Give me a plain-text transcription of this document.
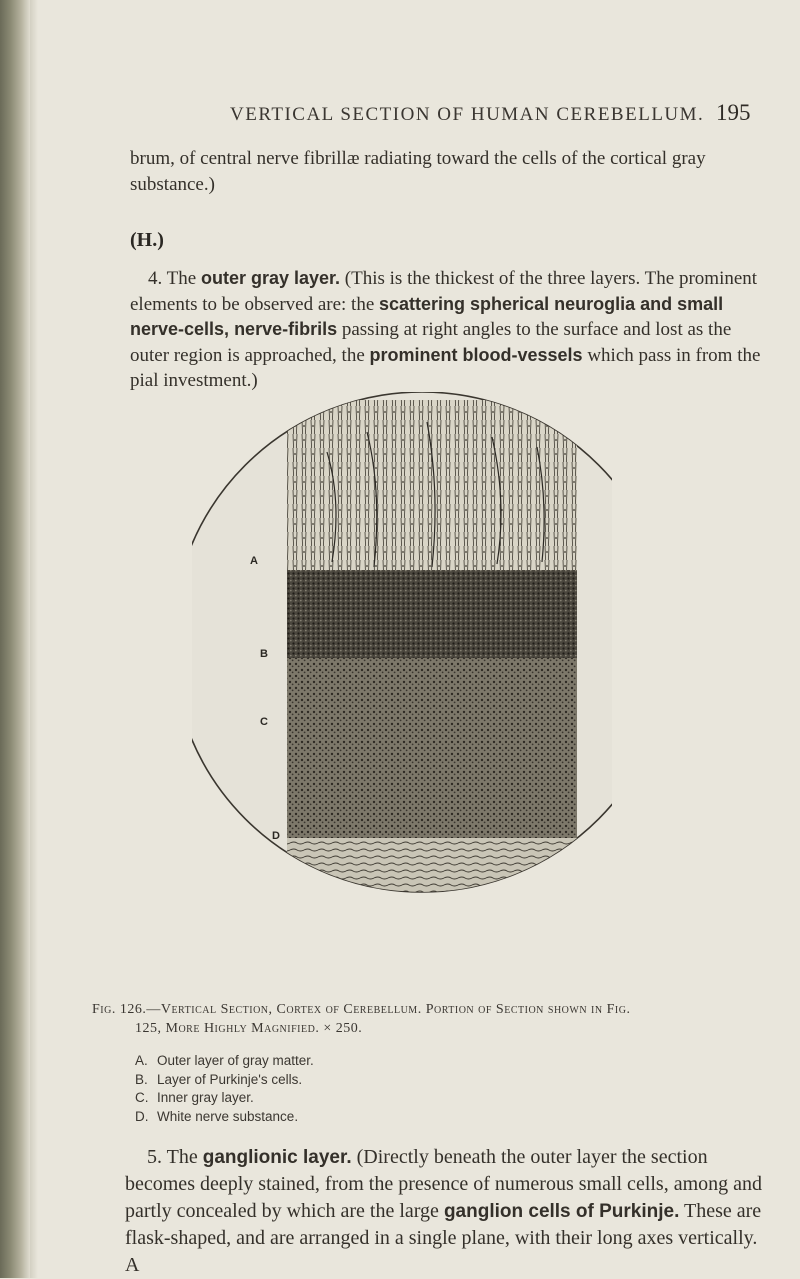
VERTICAL SECTION OF HUMAN CEREBELLUM. 195

brum, of central nerve fibrillæ radiating toward the cells of the cortical gray substance.)

(H.)

4. The outer gray layer. (This is the thickest of the three layers. The prominent elements to be observed are: the scattering spherical neuroglia and small nerve-cells, nerve-fibrils passing at right angles to the surface and lost as the outer region is approached, the prominent blood-vessels which pass in from the pial investment.)

A
B
C
D
Fig. 126.—Vertical Section, Cortex of Cerebellum. Portion of Section shown in Fig.
125, More Highly Magnified. × 250.
A. Outer layer of gray matter.
B. Layer of Purkinje's cells.
C. Inner gray layer.
D. White nerve substance.

5. The ganglionic layer. (Directly beneath the outer layer the section becomes deeply stained, from the presence of numerous small cells, among and partly concealed by which are the large ganglion cells of Purkinje. These are flask-shaped, and are arranged in a single plane, with their long axes vertically. A
